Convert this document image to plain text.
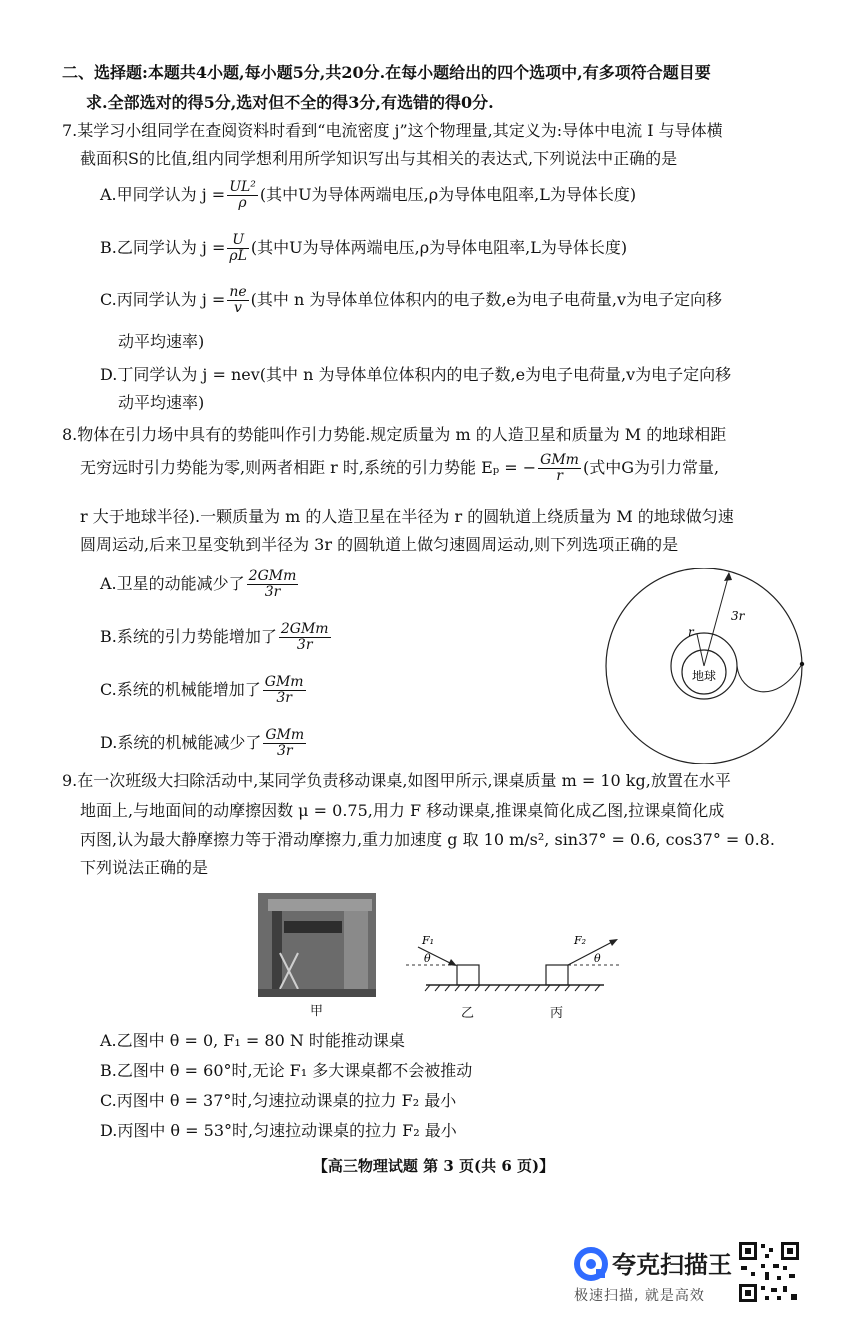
二、选择题:本题共4小题,每小题5分,共20分.在每小题给出的四个选项中,有多项符合题目要
求.全部选对的得5分,选对但不全的得3分,有选错的得0分.
7.某学习小组同学在查阅资料时看到“电流密度 j”这个物理量,其定义为:导体中电流 I 与导体横
截面积S的比值,组内同学想利用所学知识写出与其相关的表达式,下列说法中正确的是
A.甲同学认为 $j = \frac{\text{UL²}}{\rho}$ (其中U为导体两端电压,ρ为导体电阻率,L为导体长度)
B.乙同学认为 $j = \frac{U}{\rho L}$ (其中U为导体两端电压,ρ为导体电阻率,L为导体长度)
C.丙同学认为 $j = \frac{ne}{v}$ (其中 n 为导体单位体积内的电子数,e为电子电荷量,v为电子定向移
动平均速率)
D.丁同学认为 j = nev(其中 n 为导体单位体积内的电子数,e为电子电荷量,v为电子定向移
动平均速率)
8.物体在引力场中具有的势能叫作引力势能.规定质量为 m 的人造卫星和质量为 M 的地球相距
无穷远时引力势能为零,则两者相距 r 时,系统的引力势能 Eₚ = − $\frac{\text{GMm}}{r}$ (式中G为引力常量,
r 大于地球半径).一颗质量为 m 的人造卫星在半径为 r 的圆轨道上绕质量为 M 的地球做匀速
圆周运动,后来卫星变轨到半径为 3r 的圆轨道上做匀速圆周运动,则下列选项正确的是
A.卫星的动能减少了 $\frac{\text{2GMm}}{3r}$
B.系统的引力势能增加了 $\frac{\text{2GMm}}{3r}$
C.系统的机械能增加了 $\frac{\text{GMm}}{3r}$
D.系统的机械能减少了 $\frac{\text{GMm}}{3r}$
r
3r
地球
9.在一次班级大扫除活动中,某同学负责移动课桌,如图甲所示,课桌质量 m = 10 kg,放置在水平
地面上,与地面间的动摩擦因数 μ = 0.75,用力 F 移动课桌,推课桌简化成乙图,拉课桌简化成
丙图,认为最大静摩擦力等于滑动摩擦力,重力加速度 g 取 10 m/s², sin37° = 0.6, cos37° = 0.8.
下列说法正确的是
F₁
θ
F₂
θ
甲	乙	丙
A.乙图中 θ = 0, F₁ = 80 N 时能推动课桌
B.乙图中 θ = 60°时,无论 F₁ 多大课桌都不会被推动
C.丙图中 θ = 37°时,匀速拉动课桌的拉力 F₂ 最小
D.丙图中 θ = 53°时,匀速拉动课桌的拉力 F₂ 最小
【高三物理试题 第 3 页(共 6 页)】
夸克扫描王
极速扫描, 就是高效
